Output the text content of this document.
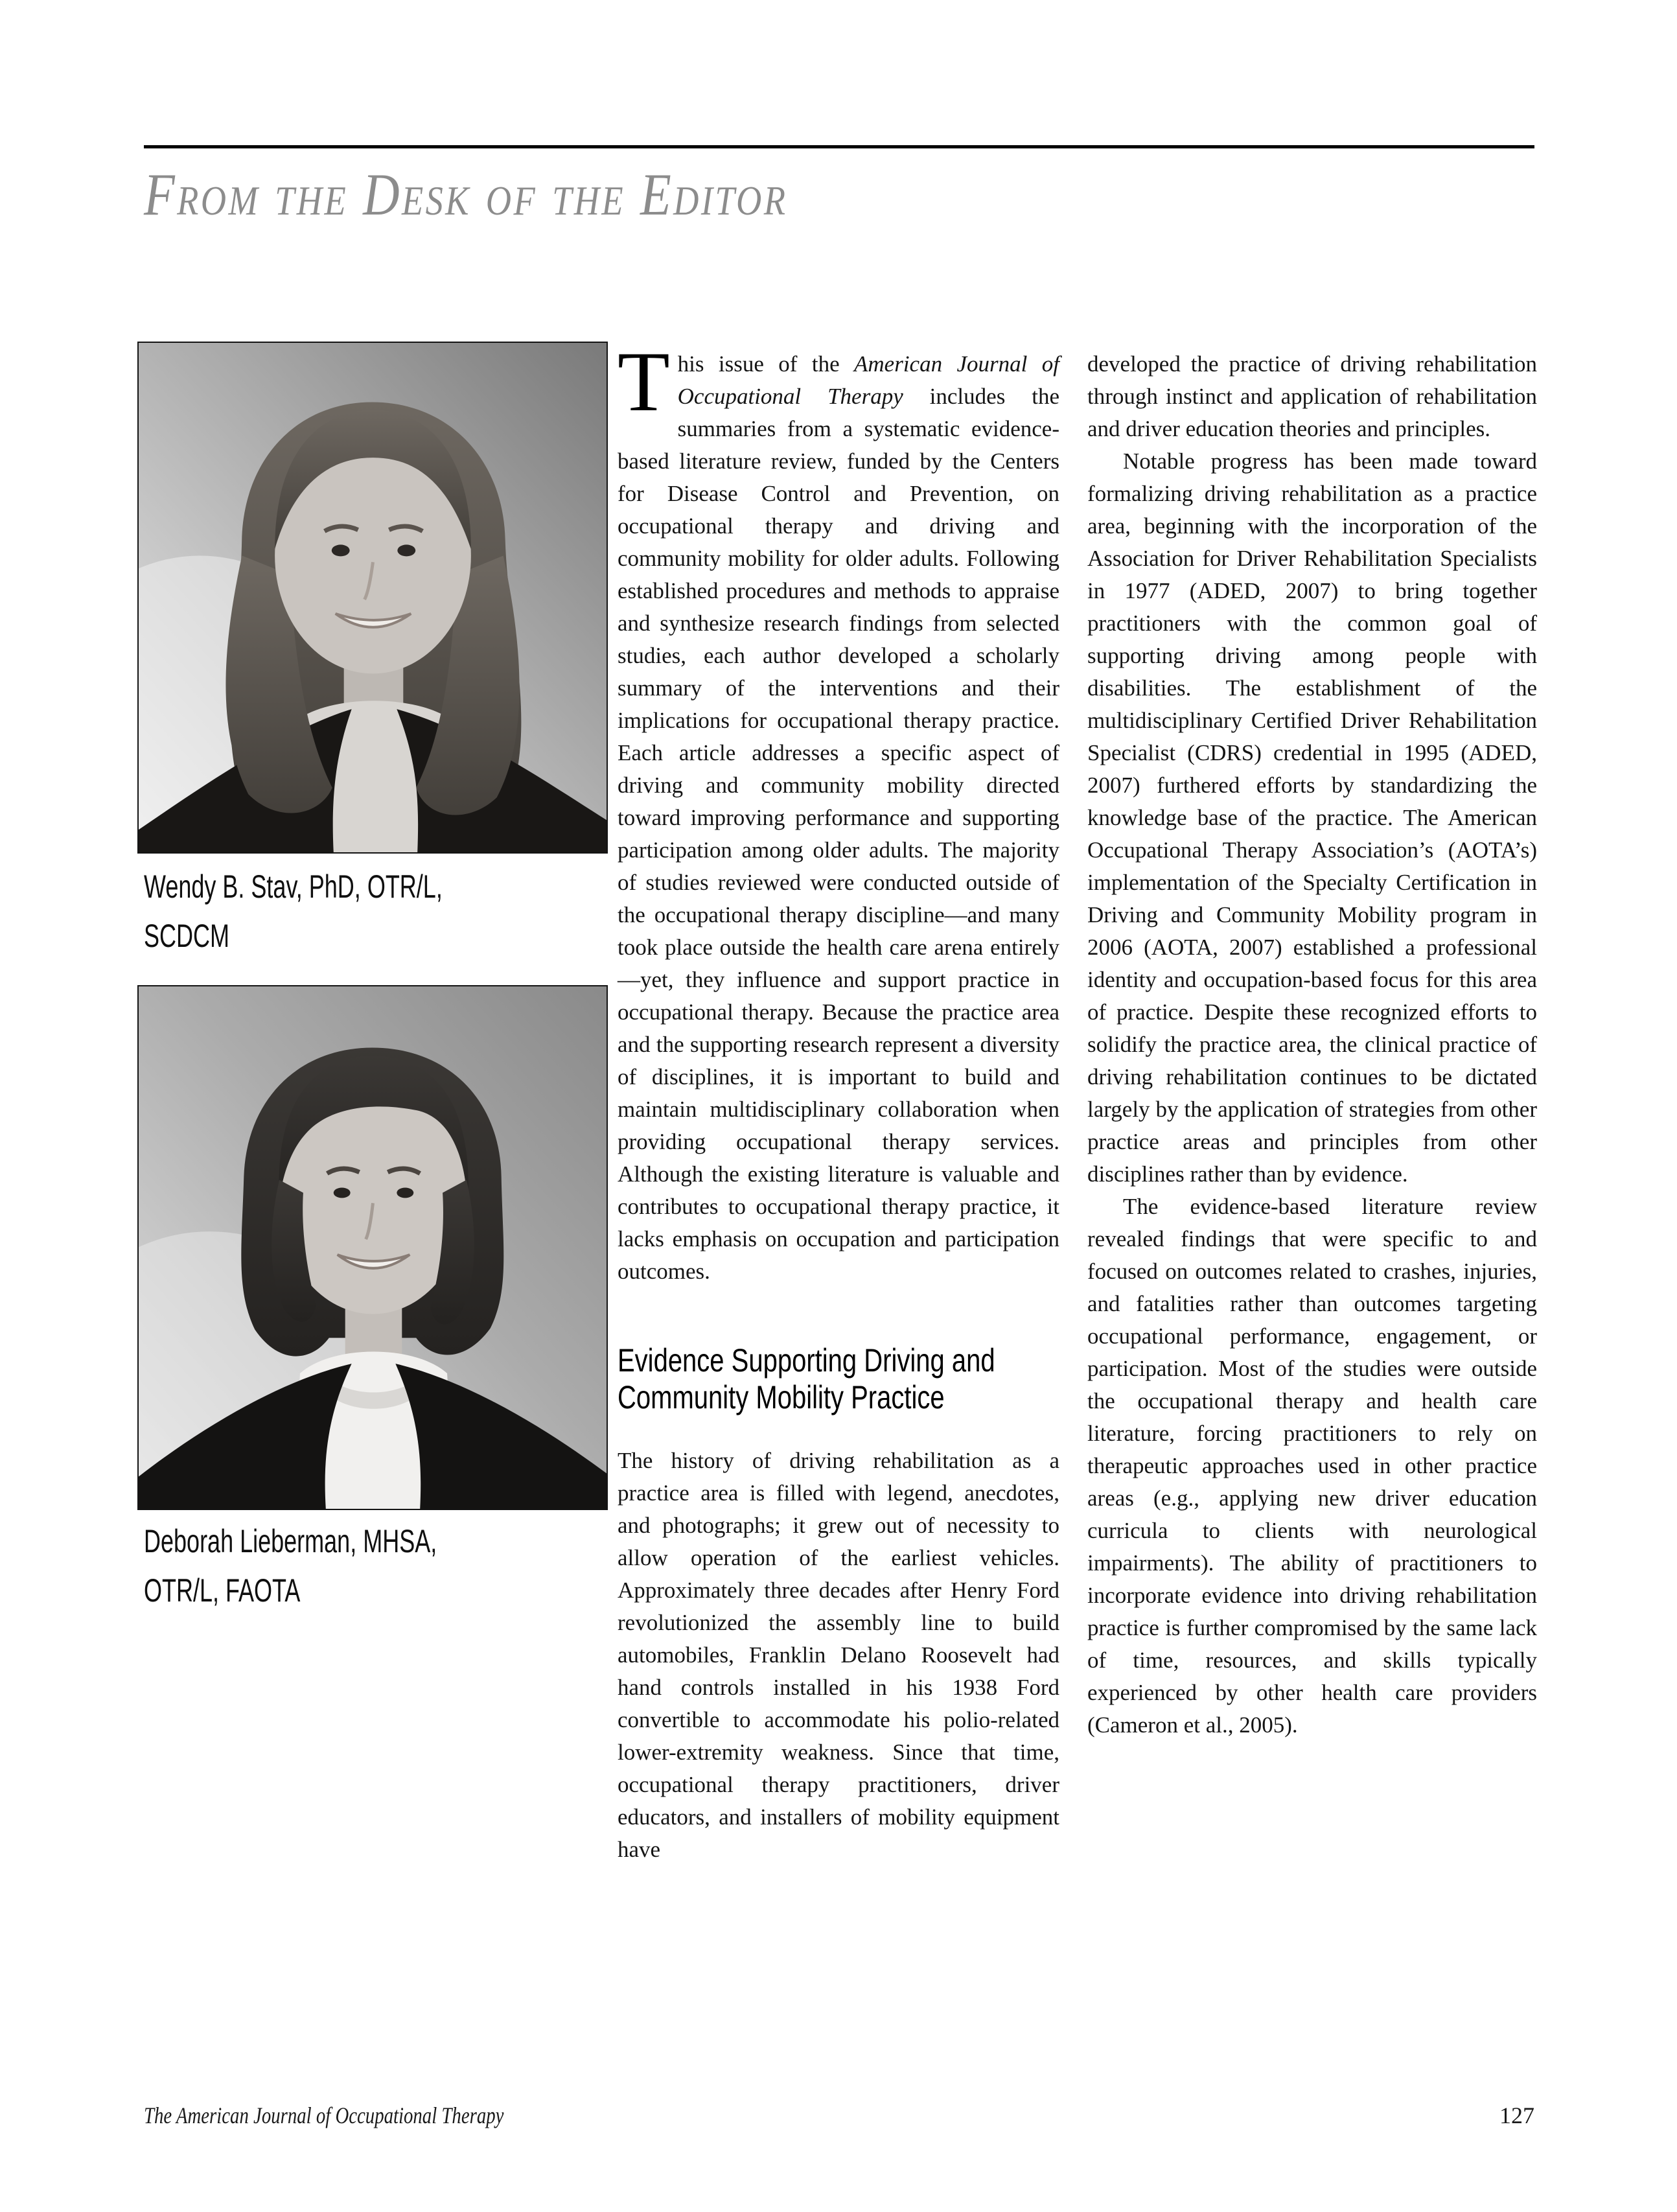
From the Desk of the Editor
Wendy B. Stav, PhD, OTR/L,
SCDCM
Deborah Lieberman, MHSA,
OTR/L, FAOTA

This issue of the American Journal of Occupational Therapy includes the summaries from a systematic evidence-based literature review, funded by the Centers for Disease Control and Prevention, on occupational therapy and driving and community mobility for older adults. Following established procedures and methods to appraise and synthesize research findings from selected studies, each author developed a scholarly summary of the interventions and their implications for occupational therapy practice. Each article addresses a specific aspect of driving and community mobility directed toward improving performance and supporting participation among older adults. The majority of studies reviewed were conducted outside of the occupational therapy discipline—and many took place outside the health care arena entirely—yet, they influence and support practice in occupational therapy. Because the practice area and the supporting research represent a diversity of disciplines, it is important to build and maintain multidisciplinary collaboration when providing occupational therapy services. Although the existing literature is valuable and contributes to occupational therapy practice, it lacks emphasis on occupation and participation outcomes.

Evidence Supporting Driving and Community Mobility Practice

The history of driving rehabilitation as a practice area is filled with legend, anecdotes, and photographs; it grew out of necessity to allow operation of the earliest vehicles. Approximately three decades after Henry Ford revolutionized the assembly line to build automobiles, Franklin Delano Roosevelt had hand controls installed in his 1938 Ford convertible to accommodate his polio-related lower-extremity weakness. Since that time, occupational therapy practitioners, driver educators, and installers of mobility equipment have

developed the practice of driving rehabilitation through instinct and application of rehabilitation and driver education theories and principles.

Notable progress has been made toward formalizing driving rehabilitation as a practice area, beginning with the incorporation of the Association for Driver Rehabilitation Specialists in 1977 (ADED, 2007) to bring together practitioners with the common goal of supporting driving among people with disabilities. The establishment of the multidisciplinary Certified Driver Rehabilitation Specialist (CDRS) credential in 1995 (ADED, 2007) furthered efforts by standardizing the knowledge base of the practice. The American Occupational Therapy Association’s (AOTA’s) implementation of the Specialty Certification in Driving and Community Mobility program in 2006 (AOTA, 2007) established a professional identity and occupation-based focus for this area of practice. Despite these recognized efforts to solidify the practice area, the clinical practice of driving rehabilitation continues to be dictated largely by the application of strategies from other practice areas and principles from other disciplines rather than by evidence.

The evidence-based literature review revealed findings that were specific to and focused on outcomes related to crashes, injuries, and fatalities rather than outcomes targeting occupational performance, engagement, or participation. Most of the studies were outside the occupational therapy and health care literature, forcing practitioners to rely on therapeutic approaches used in other practice areas (e.g., applying new driver education curricula to clients with neurological impairments). The ability of practitioners to incorporate evidence into driving rehabilitation practice is further compromised by the same lack of time, resources, and skills typically experienced by other health care providers (Cameron et al., 2005).

The American Journal of Occupational Therapy	127
